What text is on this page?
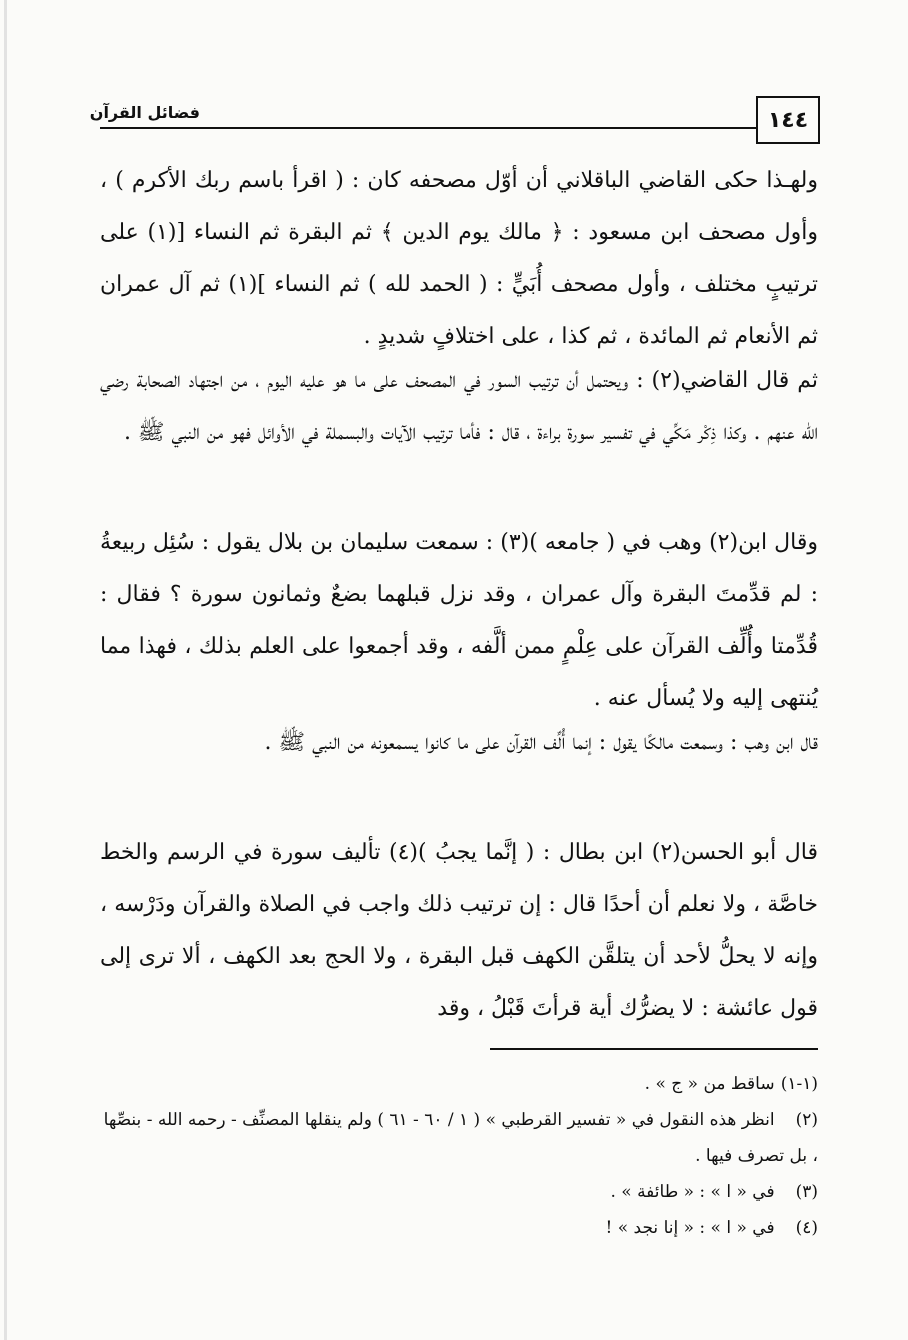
فضائل القرآن	١٤٤
ولهـذا حكى القاضي الباقلاني أن أوّل مصحفه كان : ( اقرأ باسم ربك الأكرم ) ، وأول مصحف ابن مسعود : ﴿ مالك يوم الدين ﴾ ثم البقرة ثم النساء [(١) على ترتيبٍ مختلف ، وأول مصحف أُبَيٍّ : ( الحمد لله ) ثم النساء ](١) ثم آل عمران ثم الأنعام ثم المائدة ، ثم كذا ، على اختلافٍ شديدٍ .
ثم قال القاضي(٢) : ويحتمل أن ترتيب السور في المصحف على ما هو عليه اليوم ، من اجتهاد الصحابة رضي الله عنهم . وكذا ذِكْر مَكِّي في تفسير سورة براءة ، قال : فأما ترتيب الآيات والبسملة في الأوائل فهو من النبي ﷺ .
وقال ابن(٢) وهب في ( جامعه )(٣) : سمعت سليمان بن بلال يقول : سُئِل ربيعةُ : لم قدِّمتَ البقرة وآل عمران ، وقد نزل قبلهما بضعٌ وثمانون سورة ؟ فقال : قُدِّمتا وأُلِّف القرآن على عِلْمٍ ممن ألَّفه ، وقد أجمعوا على العلم بذلك ، فهذا مما يُنتهى إليه ولا يُسأل عنه .
قال ابن وهب : وسمعت مالكًا يقول : إنما أُلِّف القرآن على ما كانوا يسمعونه من النبي ﷺ .
قال أبو الحسن(٢) ابن بطال : ( إنَّما يجبُ )(٤) تأليف سورة في الرسم والخط خاصَّة ، ولا نعلم أن أحدًا قال : إن ترتيب ذلك واجب في الصلاة والقرآن ودَرْسه ، وإنه لا يحلُّ لأحد أن يتلقَّن الكهف قبل البقرة ، ولا الحج بعد الكهف ، ألا ترى إلى قول عائشة : لا يضرُّك أية قرأتَ قَبْلُ ، وقد
(١-١) ساقط من « ج » .
(٢) انظر هذه النقول في « تفسير القرطبي » ( ١ / ٦٠ - ٦١ ) ولم ينقلها المصنِّف - رحمه الله - بنصِّها ، بل تصرف فيها .
(٣) في « ا » : « طائفة » .
(٤) في « ا » : « إنا نجد » !
